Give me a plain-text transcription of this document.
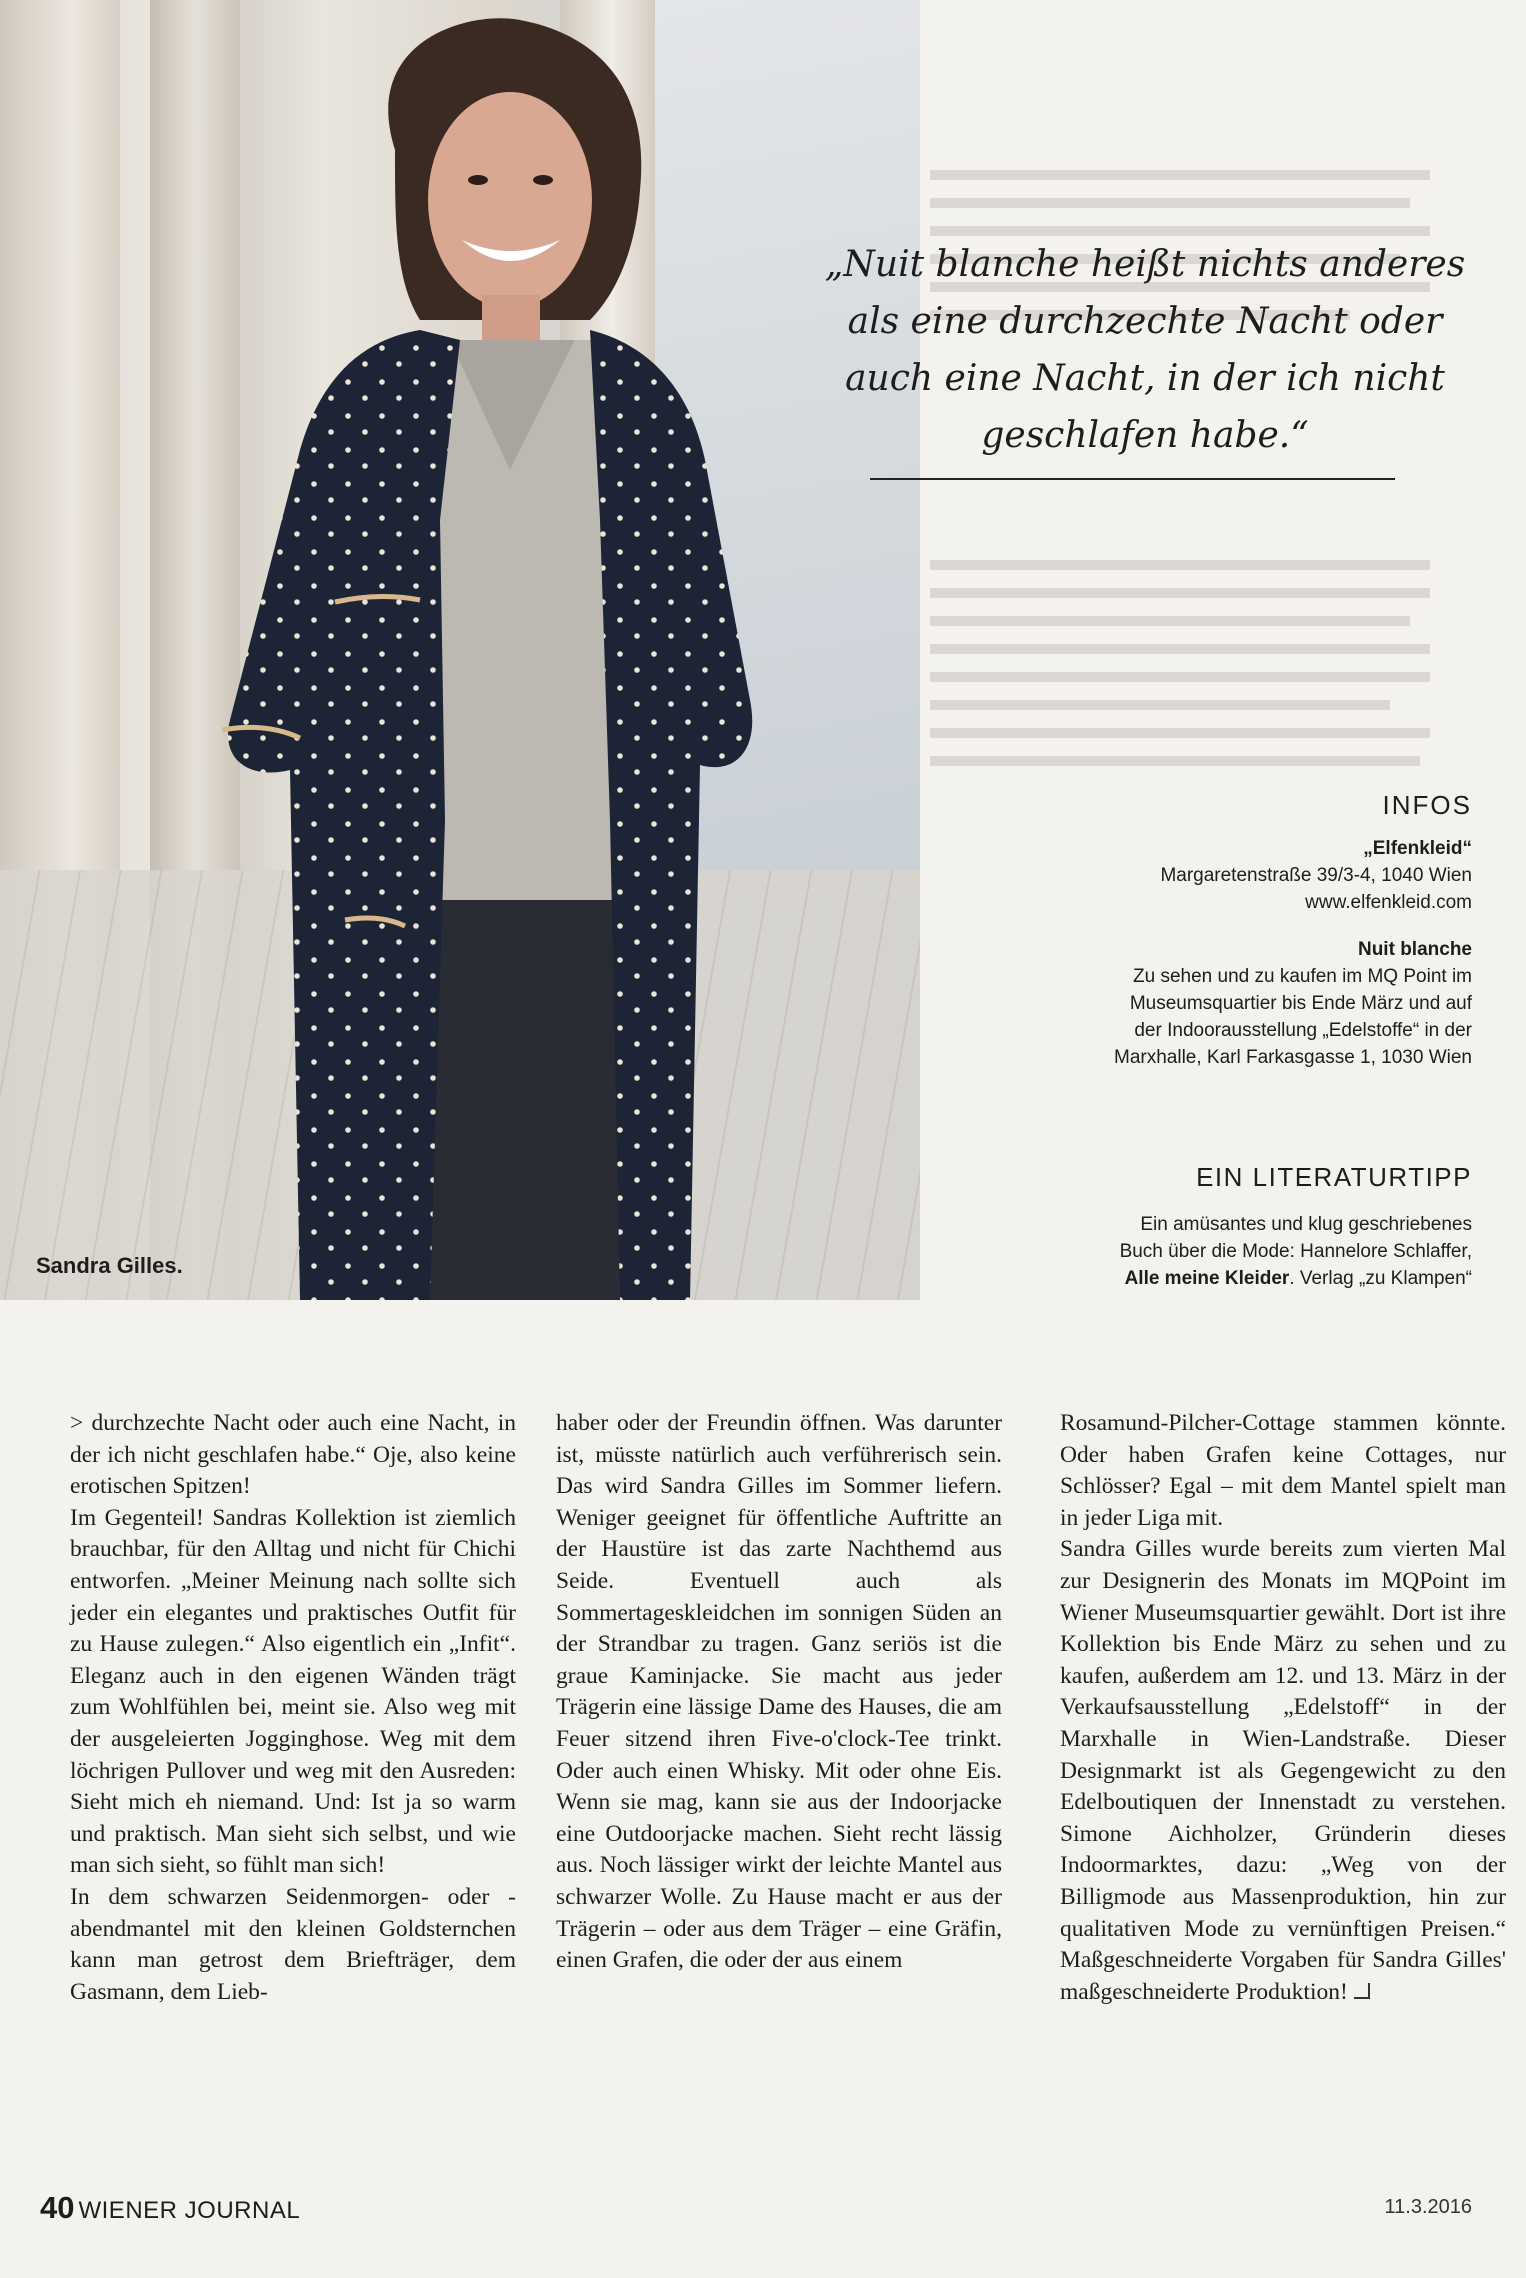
Sandra Gilles.
„Nuit blanche heißt nichts anderes als eine durchzechte Nacht oder auch eine Nacht, in der ich nicht geschlafen habe.“
INFOS
„Elfenkleid“
Margaretenstraße 39/3-4, 1040 Wien
www.elfenkleid.com
Nuit blanche
Zu sehen und zu kaufen im MQ Point im
Museumsquartier bis Ende März und auf
der Indoorausstellung „Edelstoffe“ in der
Marxhalle, Karl Farkasgasse 1, 1030 Wien
EIN LITERATURTIPP
Ein amüsantes und klug geschriebenes
Buch über die Mode: Hannelore Schlaffer,
Alle meine Kleider. Verlag „zu Klampen“

> durchzechte Nacht oder auch eine Nacht, in der ich nicht geschlafen habe.“ Oje, also keine erotischen Spitzen!

Im Gegenteil! Sandras Kollektion ist ziemlich brauchbar, für den Alltag und nicht für Chichi entworfen. „Meiner Meinung nach sollte sich jeder ein elegantes und praktisches Outfit für zu Hause zulegen.“ Also eigentlich ein „Infit“. Eleganz auch in den eigenen Wänden trägt zum Wohlfühlen bei, meint sie. Also weg mit der ausgeleierten Jogginghose. Weg mit dem löchrigen Pullover und weg mit den Ausreden: Sieht mich eh niemand. Und: Ist ja so warm und praktisch. Man sieht sich selbst, und wie man sich sieht, so fühlt man sich!

In dem schwarzen Seidenmorgen- oder -abendmantel mit den kleinen Goldsternchen kann man getrost dem Briefträger, dem Gasmann, dem Lieb-

haber oder der Freundin öffnen. Was darunter ist, müsste natürlich auch verführerisch sein. Das wird Sandra Gilles im Sommer liefern. Weniger geeignet für öffentliche Auftritte an der Haustüre ist das zarte Nachthemd aus Seide. Eventuell auch als Sommertageskleidchen im sonnigen Süden an der Strandbar zu tragen. Ganz seriös ist die graue Kaminjacke. Sie macht aus jeder Trägerin eine lässige Dame des Hauses, die am Feuer sitzend ihren Five-o'clock-Tee trinkt. Oder auch einen Whisky. Mit oder ohne Eis. Wenn sie mag, kann sie aus der Indoorjacke eine Outdoorjacke machen. Sieht recht lässig aus. Noch lässiger wirkt der leichte Mantel aus schwarzer Wolle. Zu Hause macht er aus der Trägerin – oder aus dem Träger – eine Gräfin, einen Grafen, die oder der aus einem

Rosamund-Pilcher-Cottage stammen könnte. Oder haben Grafen keine Cottages, nur Schlösser? Egal – mit dem Mantel spielt man in jeder Liga mit.

Sandra Gilles wurde bereits zum vierten Mal zur Designerin des Monats im MQPoint im Wiener Museumsquartier gewählt. Dort ist ihre Kollektion bis Ende März zu sehen und zu kaufen, außerdem am 12. und 13. März in der Verkaufsausstellung „Edelstoff“ in der Marxhalle in Wien-Landstraße. Dieser Designmarkt ist als Gegengewicht zu den Edelboutiquen der Innenstadt zu verstehen. Simone Aichholzer, Gründerin dieses Indoormarktes, dazu: „Weg von der Billigmode aus Massenproduktion, hin zur qualitativen Mode zu vernünftigen Preisen.“ Maßgeschneiderte Vorgaben für Sandra Gilles' maßgeschneiderte Produktion!

40 WIENER JOURNAL	11.3.2016
